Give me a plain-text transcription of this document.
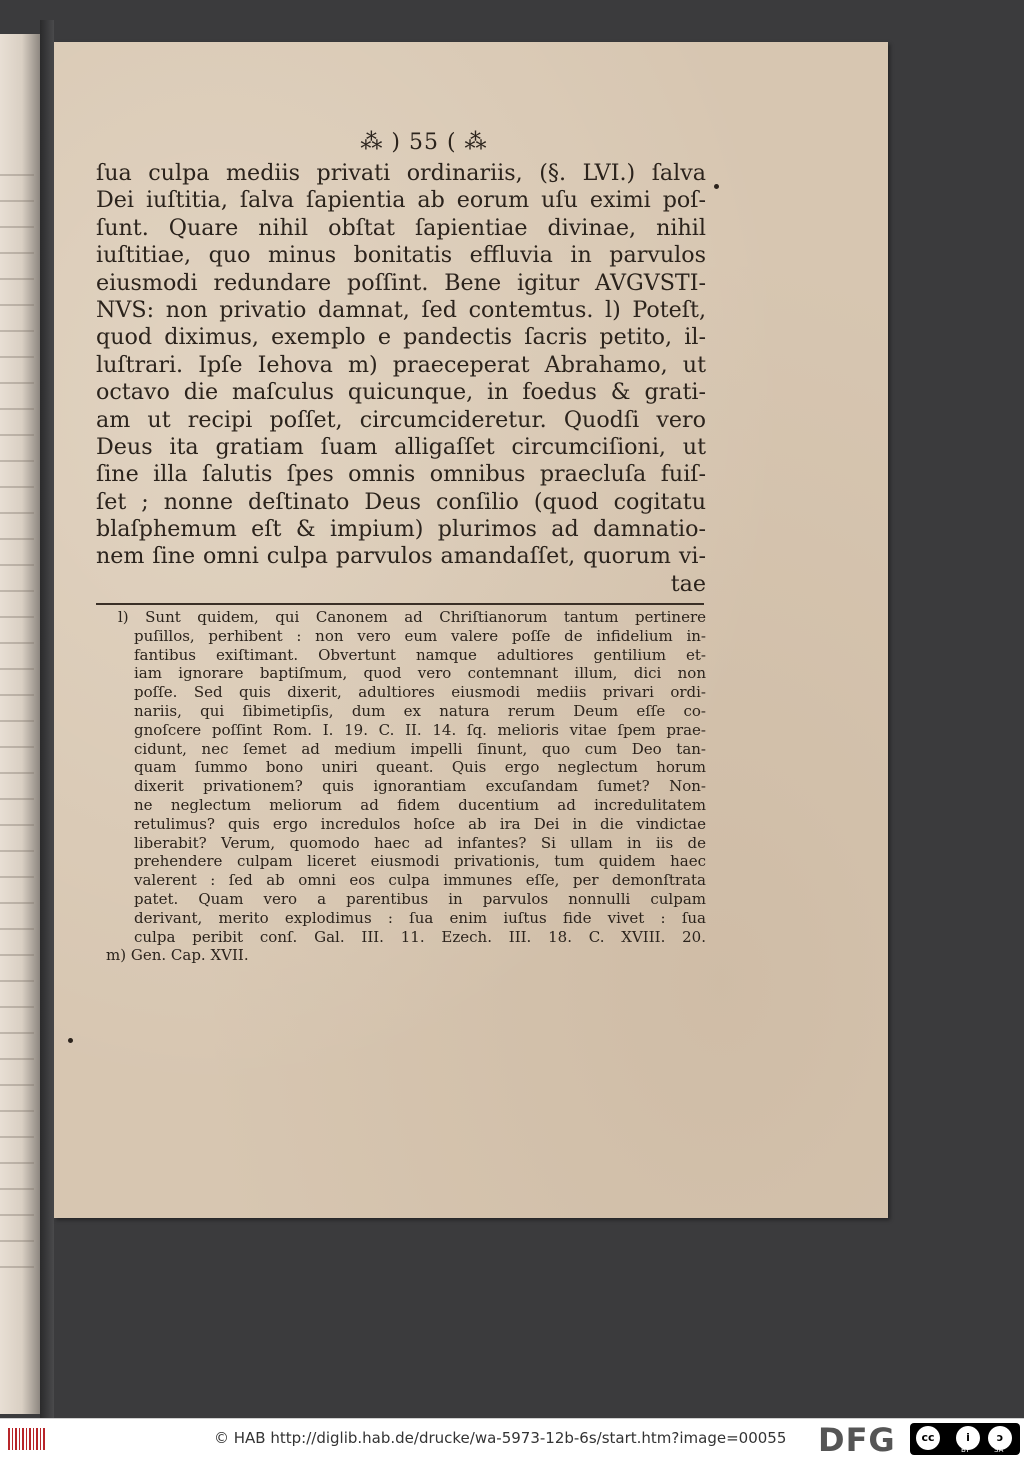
⁂ ) 55 ( ⁂
ſua culpa mediis privati ordinariis, (§. LVI.) ſalva
Dei iuſtitia, ſalva ſapientia ab eorum uſu eximi poſ-
ſunt. Quare nihil obſtat ſapientiae divinae, nihil
iuſtitiae, quo minus bonitatis effluvia in parvulos
eiusmodi redundare poſſint. Bene igitur AVGVSTI-
NVS: non privatio damnat, ſed contemtus. l) Poteſt,
quod diximus, exemplo e pandectis ſacris petito, il-
luſtrari. Ipſe Iehova m) praeceperat Abrahamo, ut
octavo die maſculus quicunque, in foedus & grati-
am ut recipi poſſet, circumcideretur. Quodſi vero
Deus ita gratiam ſuam alligaſſet circumciſioni, ut
ſine illa ſalutis ſpes omnis omnibus praecluſa fuiſ-
ſet ; nonne deſtinato Deus conſilio (quod cogitatu
blaſphemum eſt & impium) plurimos ad damnatio-
nem ſine omni culpa parvulos amandaſſet, quorum vi-
tae
l) Sunt quidem, qui Canonem ad Chriſtianorum tantum pertinere
puſillos, perhibent : non vero eum valere poſſe de infidelium in-
fantibus exiſtimant. Obvertunt namque adultiores gentilium et-
iam ignorare baptiſmum, quod vero contemnant illum, dici non
poſſe. Sed quis dixerit, adultiores eiusmodi mediis privari ordi-
nariis, qui ſibimetipſis, dum ex natura rerum Deum eſſe co-
gnoſcere poſſint Rom. I. 19. C. II. 14. ſq. melioris vitae ſpem prae-
cidunt, nec ſemet ad medium impelli ſinunt, quo cum Deo tan-
quam ſummo bono uniri queant. Quis ergo neglectum horum
dixerit privationem? quis ignorantiam excuſandam ſumet? Non-
ne neglectum meliorum ad fidem ducentium ad incredulitatem
retulimus? quis ergo incredulos hoſce ab ira Dei in die vindictae
liberabit? Verum, quomodo haec ad infantes? Si ullam in iis de
prehendere culpam liceret eiusmodi privationis, tum quidem haec
valerent : ſed ab omni eos culpa immunes eſſe, per demonſtrata
patet. Quam vero a parentibus in parvulos nonnulli culpam
derivant, merito explodimus : ſua enim iuſtus fide vivet : ſua
culpa peribit conſ. Gal. III. 11. Ezech. III. 18. C. XVIII. 20.
m) Gen. Cap. XVII.
© HAB http://diglib.hab.de/drucke/wa-5973-12b-6s/start.htm?image=00055 DFG	cc	i	ↄ
BY	SA
